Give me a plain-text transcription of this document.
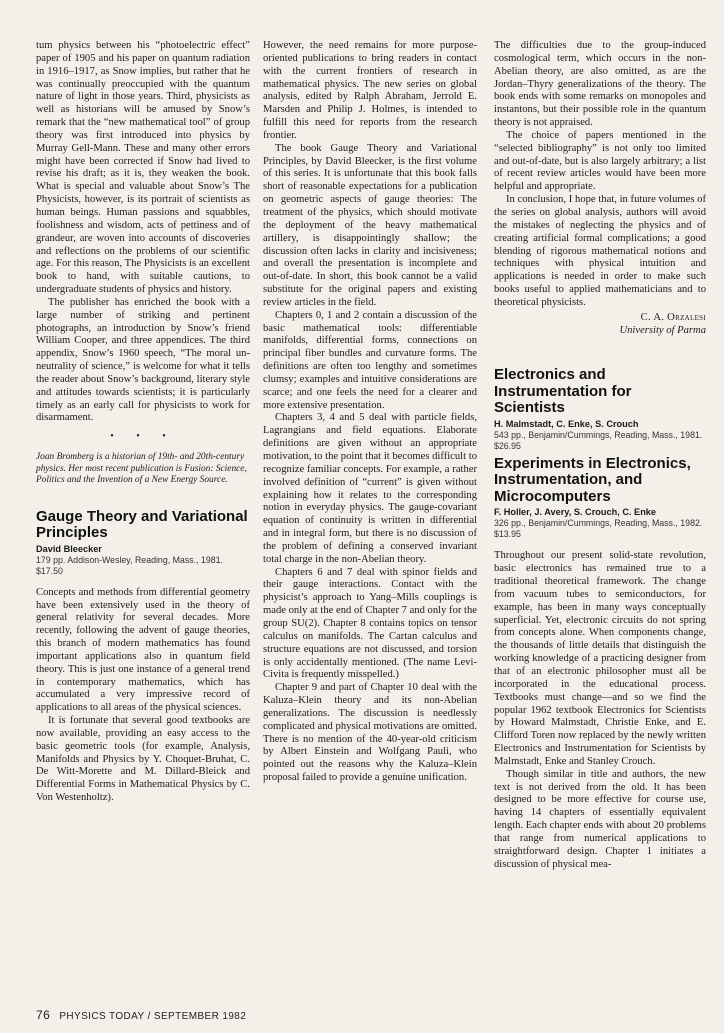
tum physics between his “photoelectric effect” paper of 1905 and his paper on quantum radiation in 1916–1917, as Snow implies, but rather that he was continually preoccupied with the quantum nature of light in those years. Third, physicists as well as historians will be amused by Snow’s remark that the “new mathematical tool” of group theory was first introduced into physics by Murray Gell-Mann. These and many other errors might have been corrected if Snow had lived to revise his draft; as it is, they weaken the book. What is special and valuable about Snow’s The Physicists, however, is its portrait of scientists as human beings. Human passions and squabbles, foolishness and wisdom, acts of pettiness and of grandeur, are woven into accounts of discoveries and reflections on the problems of our scientific age. For this reason, The Physicists is an excellent book to hand, with suitable cautions, to undergraduate students of physics and history.

The publisher has enriched the book with a large number of striking and pertinent photographs, an introduction by Snow’s friend William Cooper, and three appendices. The third appendix, Snow’s 1960 speech, “The moral un-neutrality of science,” is welcome for what it tells the reader about Snow’s background, literary style and attitudes towards scientists; it is particularly timely as an early call for physicists to work for disarmament.

• • •
Joan Bromberg is a historian of 19th- and 20th-century physics. Her most recent publication is Fusion: Science, Politics and the Invention of a New Energy Source.
Gauge Theory and Variational Principles
David Bleecker
179 pp. Addison-Wesley, Reading, Mass., 1981. $17.50

Concepts and methods from differential geometry have been extensively used in the theory of general relativity for several decades. More recently, following the advent of gauge theories, this branch of modern mathematics has found important applications also in quantum field theory. This is just one instance of a general trend in contemporary mathematics, which has accumulated a very impressive record of applications to all areas of the physical sciences.

It is fortunate that several good textbooks are now available, providing an easy access to the basic geometric tools (for example, Analysis, Manifolds and Physics by Y. Choquet-Bruhat, C. De Witt-Morette and M. Dillard-Bleick and Differential Forms in Mathematical Physics by C. Von Westenholtz).

However, the need remains for more purpose-oriented publications to bring readers in contact with the current frontiers of research in mathematical physics. The new series on global analysis, edited by Ralph Abraham, Jerrold E. Marsden and Philip J. Holmes, is intended to fulfill this need for reports from the research frontier.

The book Gauge Theory and Variational Principles, by David Bleecker, is the first volume of this series. It is unfortunate that this book falls short of reasonable expectations for a publication on geometric aspects of gauge theories: The treatment of the physics, which should motivate the deployment of the heavy mathematical artillery, is disappointingly shallow; the discussion often lacks in clarity and incisiveness; and overall the presentation is incomplete and out-of-date. In short, this book cannot be a valid substitute for the original papers and existing review articles in the field.

Chapters 0, 1 and 2 contain a discussion of the basic mathematical tools: differentiable manifolds, differential forms, connections on principal fiber bundles and curvature forms. The definitions are often too lengthy and sometimes clumsy; examples and intuitive considerations are scarce; and one feels the need for a clearer and more extensive presentation.

Chapters 3, 4 and 5 deal with particle fields, Lagrangians and field equations. Elaborate definitions are given without an appropriate motivation, to the point that it becomes difficult to recognize familiar concepts. For example, a rather involved definition of “current” is given without explaining how it relates to the corresponding notion in everyday physics. The gauge-covariant equation of continuity is written in differential and in integral form, but there is no discussion of the problem of defining a conserved invariant total charge in the non-Abelian theory.

Chapters 6 and 7 deal with spinor fields and their gauge interactions. Contact with the physicist’s approach to Yang–Mills couplings is made only at the end of Chapter 7 and only for the group SU(2). Chapter 8 contains topics on tensor calculus on manifolds. The Cartan calculus and structure equations are not discussed, and torsion is only accidentally mentioned. (The name Levi-Civita is frequently misspelled.)

Chapter 9 and part of Chapter 10 deal with the Kaluza–Klein theory and its non-Abelian generalizations. The discussion is needlessly complicated and physical motivations are omitted. There is no mention of the 40-year-old criticism by Albert Einstein and Wolfgang Pauli, who pointed out the reasons why the Kaluza–Klein proposal failed to provide a genuine unification.

The difficulties due to the group-induced cosmological term, which occurs in the non-Abelian theory, are also omitted, as are the Jordan–Thyry generalizations of the theory. The book ends with some remarks on monopoles and instantons, but their possible role in the quantum theory is not appraised.

The choice of papers mentioned in the “selected bibliography” is not only too limited and out-of-date, but is also largely arbitrary; a list of recent review articles would have been more helpful and appropriate.

In conclusion, I hope that, in future volumes of the series on global analysis, authors will avoid the mistakes of neglecting the physics and of creating artificial formal complications; a good blending of rigorous mathematical notions and techniques with physical intuition and applications is needed in order to make such books useful to applied mathematicians and to theoretical physicists.

C. A. Orzalesi
University of Parma
Electronics and Instrumentation for Scientists
H. Malmstadt, C. Enke, S. Crouch
543 pp., Benjamin/Cummings, Reading, Mass., 1981. $26.95
Experiments in Electronics, Instrumentation, and Microcomputers
F. Holler, J. Avery, S. Crouch, C. Enke
326 pp., Benjamin/Cummings, Reading, Mass., 1982. $13.95

Throughout our present solid-state revolution, basic electronics has remained true to a traditional theoretical framework. The change from vacuum tubes to semiconductors, for example, has been in many ways conceptually superficial. Yet, electronic circuits do not spring from concepts alone. When components change, the thousands of little details that distinguish the working knowledge of a practicing designer from that of an electronic philosopher must all be incorporated in the educational process. Textbooks must change—and so we find the popular 1962 textbook Electronics for Scientists by Howard Malmstadt, Christie Enke, and E. Clifford Toren now replaced by the newly written Electronics and Instrumentation for Scientists by Malmstadt, Enke and Stanley Crouch.

Though similar in title and authors, the new text is not derived from the old. It has been designed to be more effective for course use, having 14 chapters of essentially equivalent length. Each chapter ends with about 20 problems that range from numerical applications to straightforward design. Chapter 1 initiates a discussion of physical mea-

76 PHYSICS TODAY / SEPTEMBER 1982
